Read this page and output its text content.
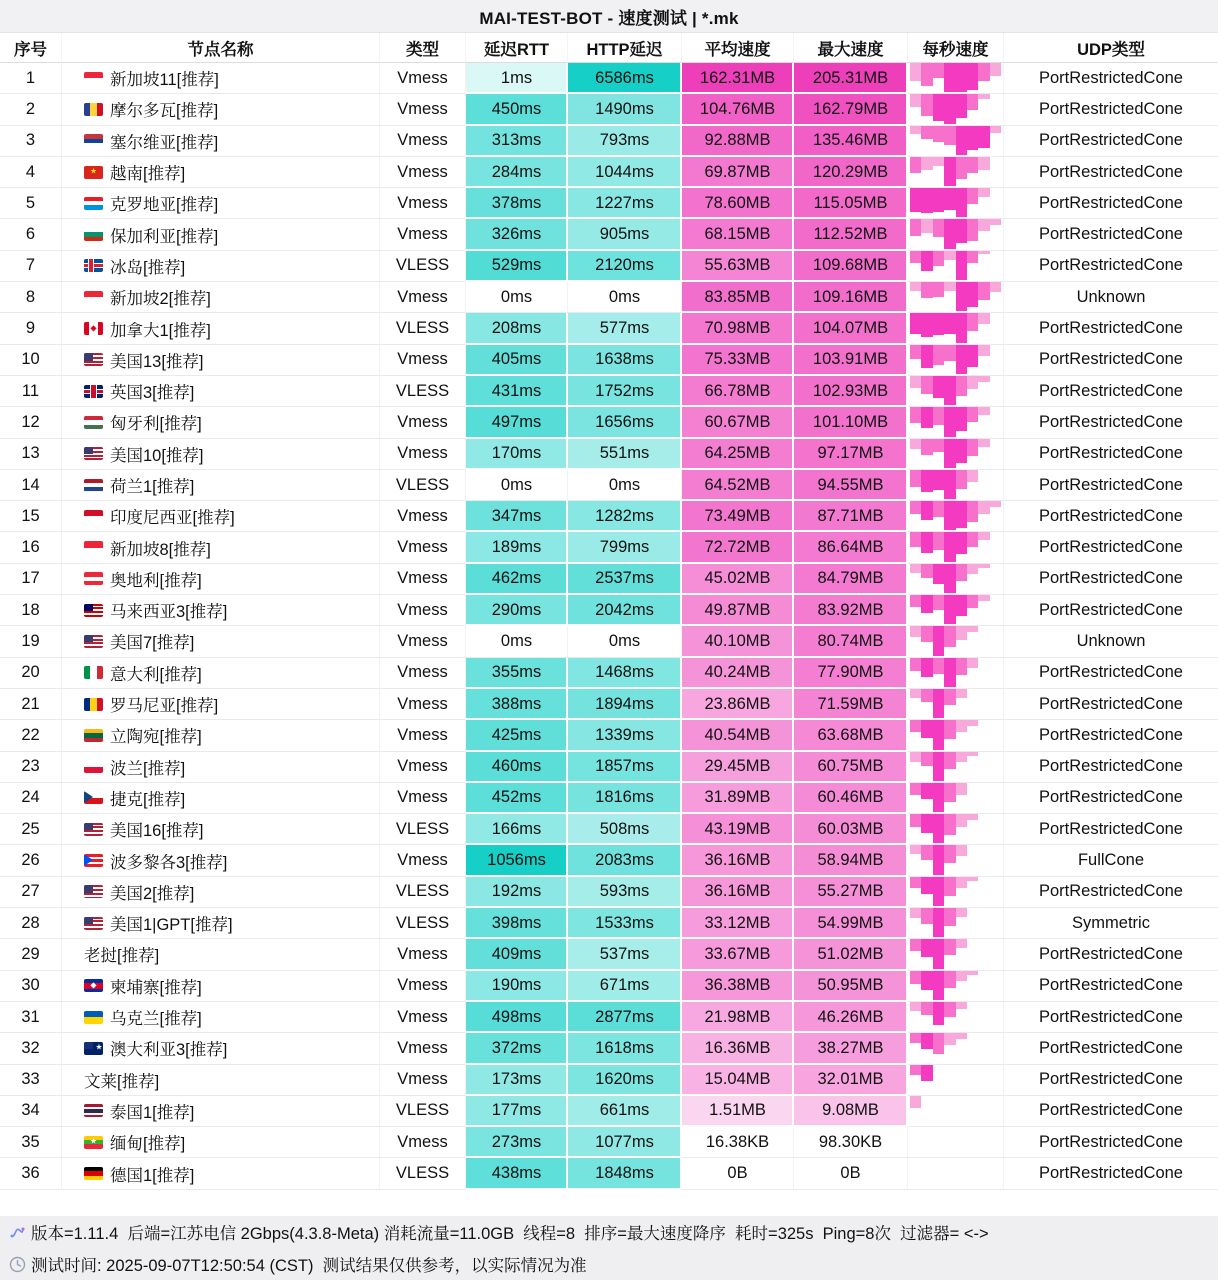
MAI-TEST-BOT - 速度测试 | *.mk
序号	节点名称	类型	延迟RTT HTTP延迟	平均速度	最大速度 每秒速度	UDP类型
1	新加坡11[推荐]	Vmess	1ms	6586ms	162.31MB 205.31MB	PortRestrictedCone
2	摩尔多瓦[推荐]	Vmess	450ms	1490ms	104.76MB 162.79MB	PortRestrictedCone
3	塞尔维亚[推荐]	Vmess	313ms	793ms	92.88MB	135.46MB	PortRestrictedCone
4	★ 越南[推荐]	Vmess	284ms	1044ms	69.87MB	120.29MB	PortRestrictedCone
5	克罗地亚[推荐]	Vmess	378ms	1227ms	78.60MB	115.05MB	PortRestrictedCone
6	保加利亚[推荐]	Vmess	326ms	905ms	68.15MB	112.52MB	PortRestrictedCone
7	冰岛[推荐]	VLESS	529ms	2120ms	55.63MB	109.68MB	PortRestrictedCone
8	新加坡2[推荐]	Vmess	0ms	0ms	83.85MB	109.16MB	Unknown
9	◆ 加拿大1[推荐]	VLESS	208ms	577ms	70.98MB	104.07MB	PortRestrictedCone
10	美国13[推荐]	Vmess	405ms	1638ms	75.33MB	103.91MB	PortRestrictedCone
11	英国3[推荐]	VLESS	431ms	1752ms	66.78MB	102.93MB	PortRestrictedCone
12	匈牙利[推荐]	Vmess	497ms	1656ms	60.67MB	101.10MB	PortRestrictedCone
13	美国10[推荐]	Vmess	170ms	551ms	64.25MB	97.17MB	PortRestrictedCone
14	荷兰1[推荐]	VLESS	0ms	0ms	64.52MB	94.55MB	PortRestrictedCone
15	印度尼西亚[推荐]	Vmess	347ms	1282ms	73.49MB	87.71MB	PortRestrictedCone
16	新加坡8[推荐]	Vmess	189ms	799ms	72.72MB	86.64MB	PortRestrictedCone
17	奥地利[推荐]	Vmess	462ms	2537ms	45.02MB	84.79MB	PortRestrictedCone
18	马来西亚3[推荐]	Vmess	290ms	2042ms	49.87MB	83.92MB	PortRestrictedCone
19	美国7[推荐]	Vmess	0ms	0ms	40.10MB	80.74MB	Unknown
20	意大利[推荐]	Vmess	355ms	1468ms	40.24MB	77.90MB	PortRestrictedCone
21	罗马尼亚[推荐]	Vmess	388ms	1894ms	23.86MB	71.59MB	PortRestrictedCone
22	立陶宛[推荐]	Vmess	425ms	1339ms	40.54MB	63.68MB	PortRestrictedCone
23	波兰[推荐]	Vmess	460ms	1857ms	29.45MB	60.75MB	PortRestrictedCone
24	捷克[推荐]	Vmess	452ms	1816ms	31.89MB	60.46MB	PortRestrictedCone
25	美国16[推荐]	VLESS	166ms	508ms	43.19MB	60.03MB	PortRestrictedCone
26	波多黎各3[推荐]	Vmess 1056ms	2083ms	36.16MB	58.94MB	FullCone
27	美国2[推荐]	VLESS	192ms	593ms	36.16MB	55.27MB	PortRestrictedCone
28	美国1|GPT[推荐]	VLESS	398ms	1533ms	33.12MB	54.99MB	Symmetric
29	老挝[推荐]	Vmess	409ms	537ms	33.67MB	51.02MB	PortRestrictedCone
30	◆ 柬埔寨[推荐]	Vmess	190ms	671ms	36.38MB	50.95MB	PortRestrictedCone
31	乌克兰[推荐]	Vmess	498ms	2877ms	21.98MB	46.26MB	PortRestrictedCone
32	★ 澳大利亚3[推荐]	Vmess	372ms	1618ms	16.36MB	38.27MB	PortRestrictedCone
33	文莱[推荐]	Vmess	173ms	1620ms	15.04MB	32.01MB	PortRestrictedCone
34	泰国1[推荐]	VLESS	177ms	661ms	1.51MB	9.08MB	PortRestrictedCone
35	★ 缅甸[推荐]	Vmess	273ms	1077ms	16.38KB	98.30KB	PortRestrictedCone
36	德国1[推荐]	VLESS	438ms	1848ms	0B	0B	PortRestrictedCone
版本=1.11.4  后端=江苏电信 2Gbps(4.3.8-Meta) 消耗流量=11.0GB  线程=8  排序=最大速度降序  耗时=325s  Ping=8次  过滤器= <->
测试时间: 2025-09-07T12:50:54 (CST)  测试结果仅供参考，以实际情况为准
